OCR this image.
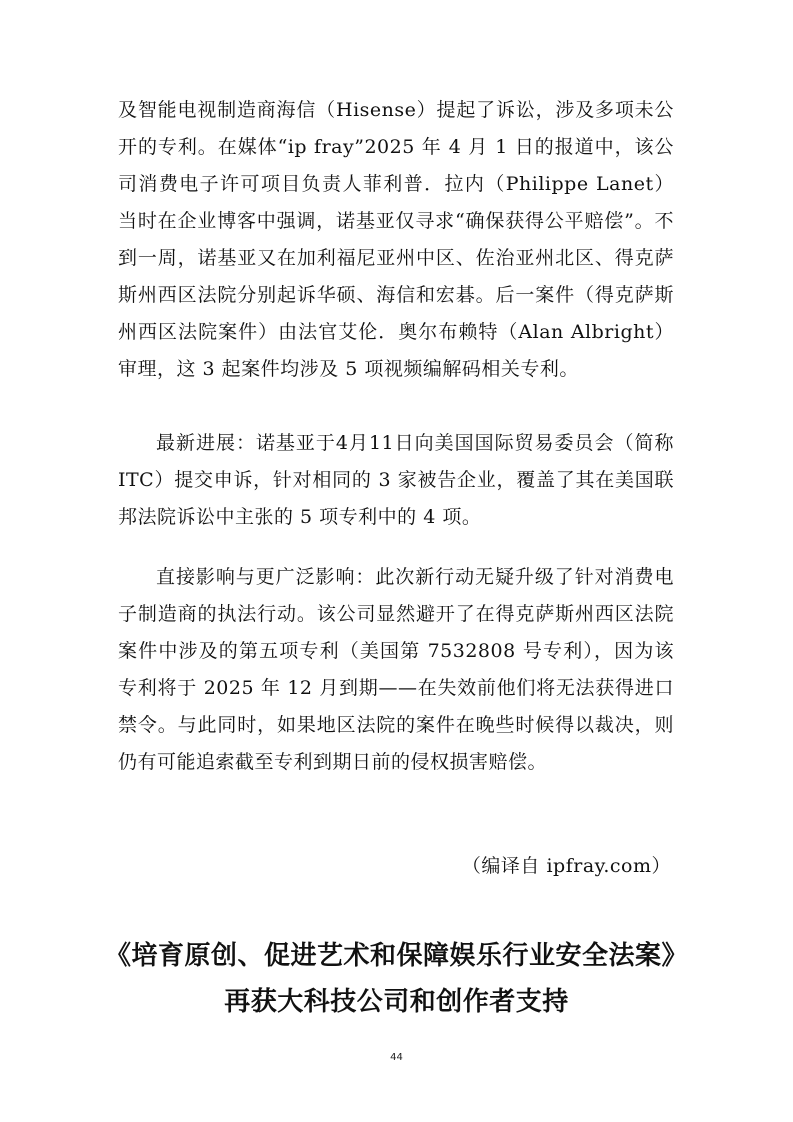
及智能电视制造商海信（Hisense）提起了诉讼，涉及多项未公开的专利。在媒体“ip fray”2025 年 4 月 1 日的报道中，该公司消费电子许可项目负责人菲利普．拉内（Philippe Lanet）当时在企业博客中强调，诺基亚仅寻求“确保获得公平赔偿”。不到一周，诺基亚又在加利福尼亚州中区、佐治亚州北区、得克萨斯州西区法院分别起诉华硕、海信和宏碁。后一案件（得克萨斯州西区法院案件）由法官艾伦．奥尔布赖特（Alan Albright）审理，这 3 起案件均涉及 5 项视频编解码相关专利。

最新进展：诺基亚于4月11日向美国国际贸易委员会（简称 ITC）提交申诉，针对相同的 3 家被告企业，覆盖了其在美国联邦法院诉讼中主张的 5 项专利中的 4 项。

直接影响与更广泛影响：此次新行动无疑升级了针对消费电子制造商的执法行动。该公司显然避开了在得克萨斯州西区法院案件中涉及的第五项专利（美国第 7532808 号专利），因为该专利将于 2025 年 12 月到期——在失效前他们将无法获得进口禁令。与此同时，如果地区法院的案件在晚些时候得以裁决，则仍有可能追索截至专利到期日前的侵权损害赔偿。

（编译自 ipfray.com）
《培育原创、促进艺术和保障娱乐行业安全法案》再获大科技公司和创作者支持
44
